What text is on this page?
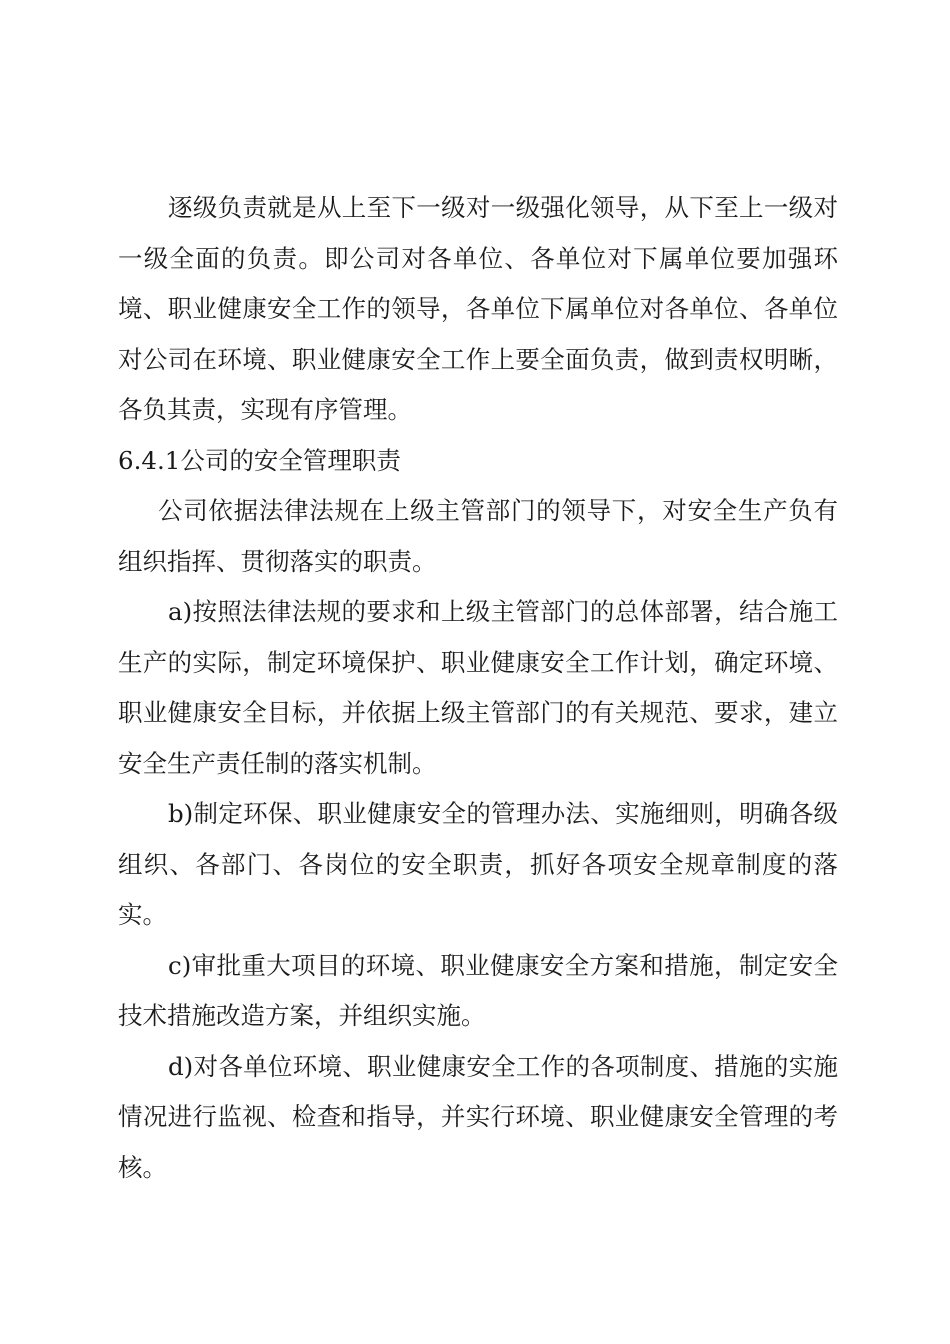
逐级负责就是从上至下一级对一级强化领导，从下至上一级对一级全面的负责。即公司对各单位、各单位对下属单位要加强环境、职业健康安全工作的领导，各单位下属单位对各单位、各单位对公司在环境、职业健康安全工作上要全面负责，做到责权明晰，各负其责，实现有序管理。

6.4.1公司的安全管理职责

公司依据法律法规在上级主管部门的领导下，对安全生产负有组织指挥、贯彻落实的职责。

a)按照法律法规的要求和上级主管部门的总体部署，结合施工生产的实际，制定环境保护、职业健康安全工作计划，确定环境、职业健康安全目标，并依据上级主管部门的有关规范、要求，建立安全生产责任制的落实机制。

b)制定环保、职业健康安全的管理办法、实施细则，明确各级组织、各部门、各岗位的安全职责，抓好各项安全规章制度的落实。

c)审批重大项目的环境、职业健康安全方案和措施，制定安全技术措施改造方案，并组织实施。

d)对各单位环境、职业健康安全工作的各项制度、措施的实施情况进行监视、检查和指导，并实行环境、职业健康安全管理的考核。
